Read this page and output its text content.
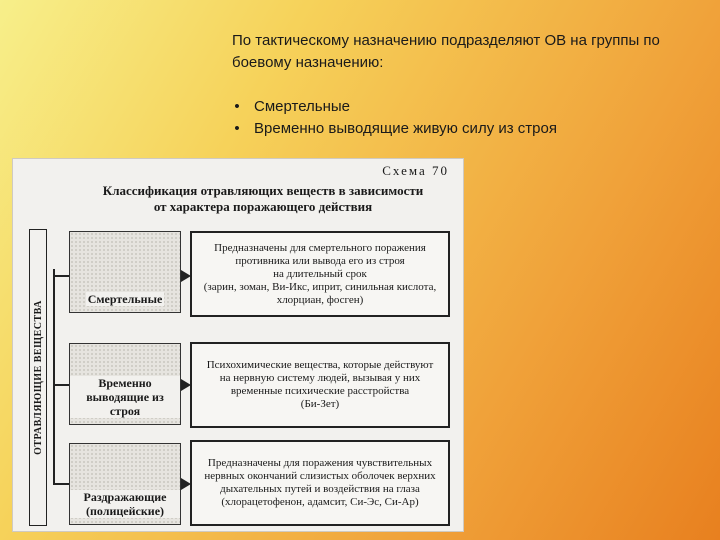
По тактическому назначению подразделяют ОВ на группы по боевому назначению:

• Смертельные
• Временно выводящие живую силу из строя
Схема 70
Классификация отравляющих веществ в зависимости
от характера поражающего действия
ОТРАВЛЯЮЩИЕ ВЕЩЕСТВА
Смертельные
Предназначены для смертельного поражения
противника или вывода его из строя
на длительный срок
(зарин, зоман, Ви-Икс, иприт, синильная кислота,
хлорциан, фосген)
Временно выводящие из строя
Психохимические вещества, которые действуют
на нервную систему людей, вызывая у них
временные психические расстройства
(Би-Зет)
Раздражающие (полицейские)
Предназначены для поражения чувствительных
нервных окончаний слизистых оболочек верхних
дыхательных путей и воздействия на глаза
(хлорацетофенон, адамсит, Си-Эс, Си-Ар)
